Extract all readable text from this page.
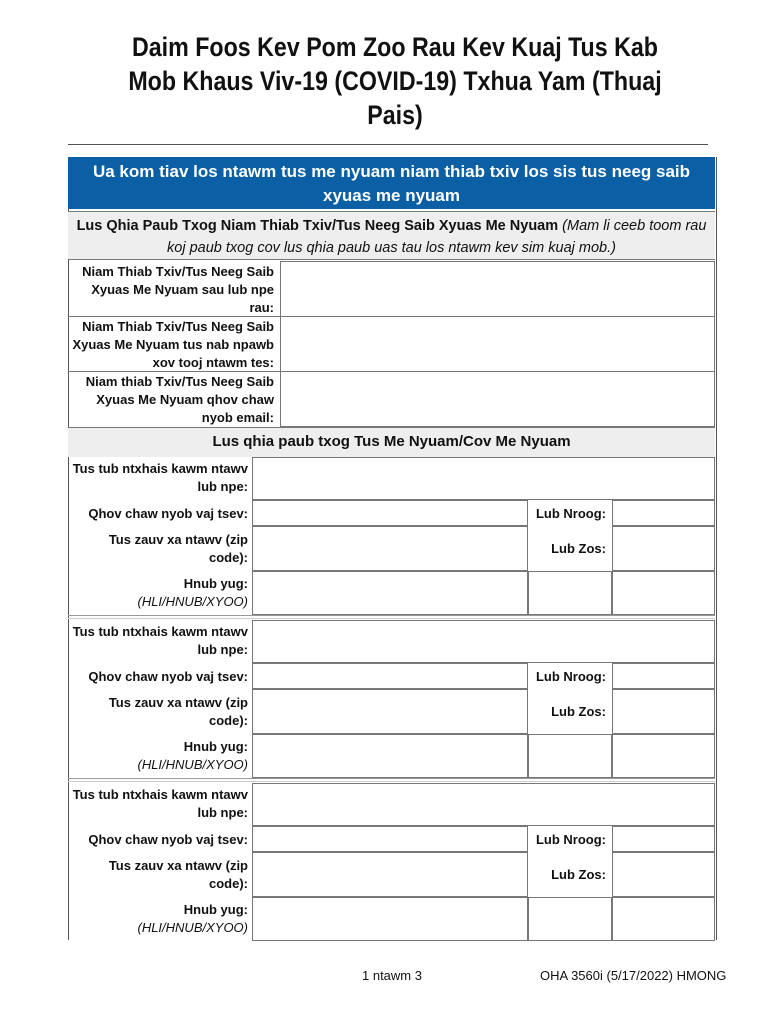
Daim Foos Kev Pom Zoo Rau Kev Kuaj Tus Kab Mob Khaus Viv-19 (COVID-19) Txhua Yam (Thuaj Pais)
Ua kom tiav los ntawm tus me nyuam niam thiab txiv los sis tus neeg saib xyuas me nyuam
Lus Qhia Paub Txog Niam Thiab Txiv/Tus Neeg Saib Xyuas Me Nyuam (Mam li ceeb toom rau koj paub txog cov lus qhia paub uas tau los ntawm kev sim kuaj mob.)
Niam Thiab Txiv/Tus Neeg Saib Xyuas Me Nyuam sau lub npe rau:
Niam Thiab Txiv/Tus Neeg Saib Xyuas Me Nyuam tus nab npawb xov tooj ntawm tes:
Niam thiab Txiv/Tus Neeg Saib Xyuas Me Nyuam qhov chaw nyob email:
Lus qhia paub txog Tus Me Nyuam/Cov Me Nyuam
Tus tub ntxhais kawm ntawv lub npe:
Qhov chaw nyob vaj tsev:	Lub Nroog:
Tus zauv xa ntawv (zip code):
Lub Zos:
Hnub yug:
(HLI/HNUB/XYOO)
Tus tub ntxhais kawm ntawv lub npe:
Qhov chaw nyob vaj tsev:	Lub Nroog:
Tus zauv xa ntawv (zip code):
Lub Zos:
Hnub yug:
(HLI/HNUB/XYOO)
Tus tub ntxhais kawm ntawv lub npe:
Qhov chaw nyob vaj tsev:	Lub Nroog:
Tus zauv xa ntawv (zip code):
Lub Zos:
Hnub yug:
(HLI/HNUB/XYOO)
1 ntawm 3	OHA 3560i (5/17/2022) HMONG
